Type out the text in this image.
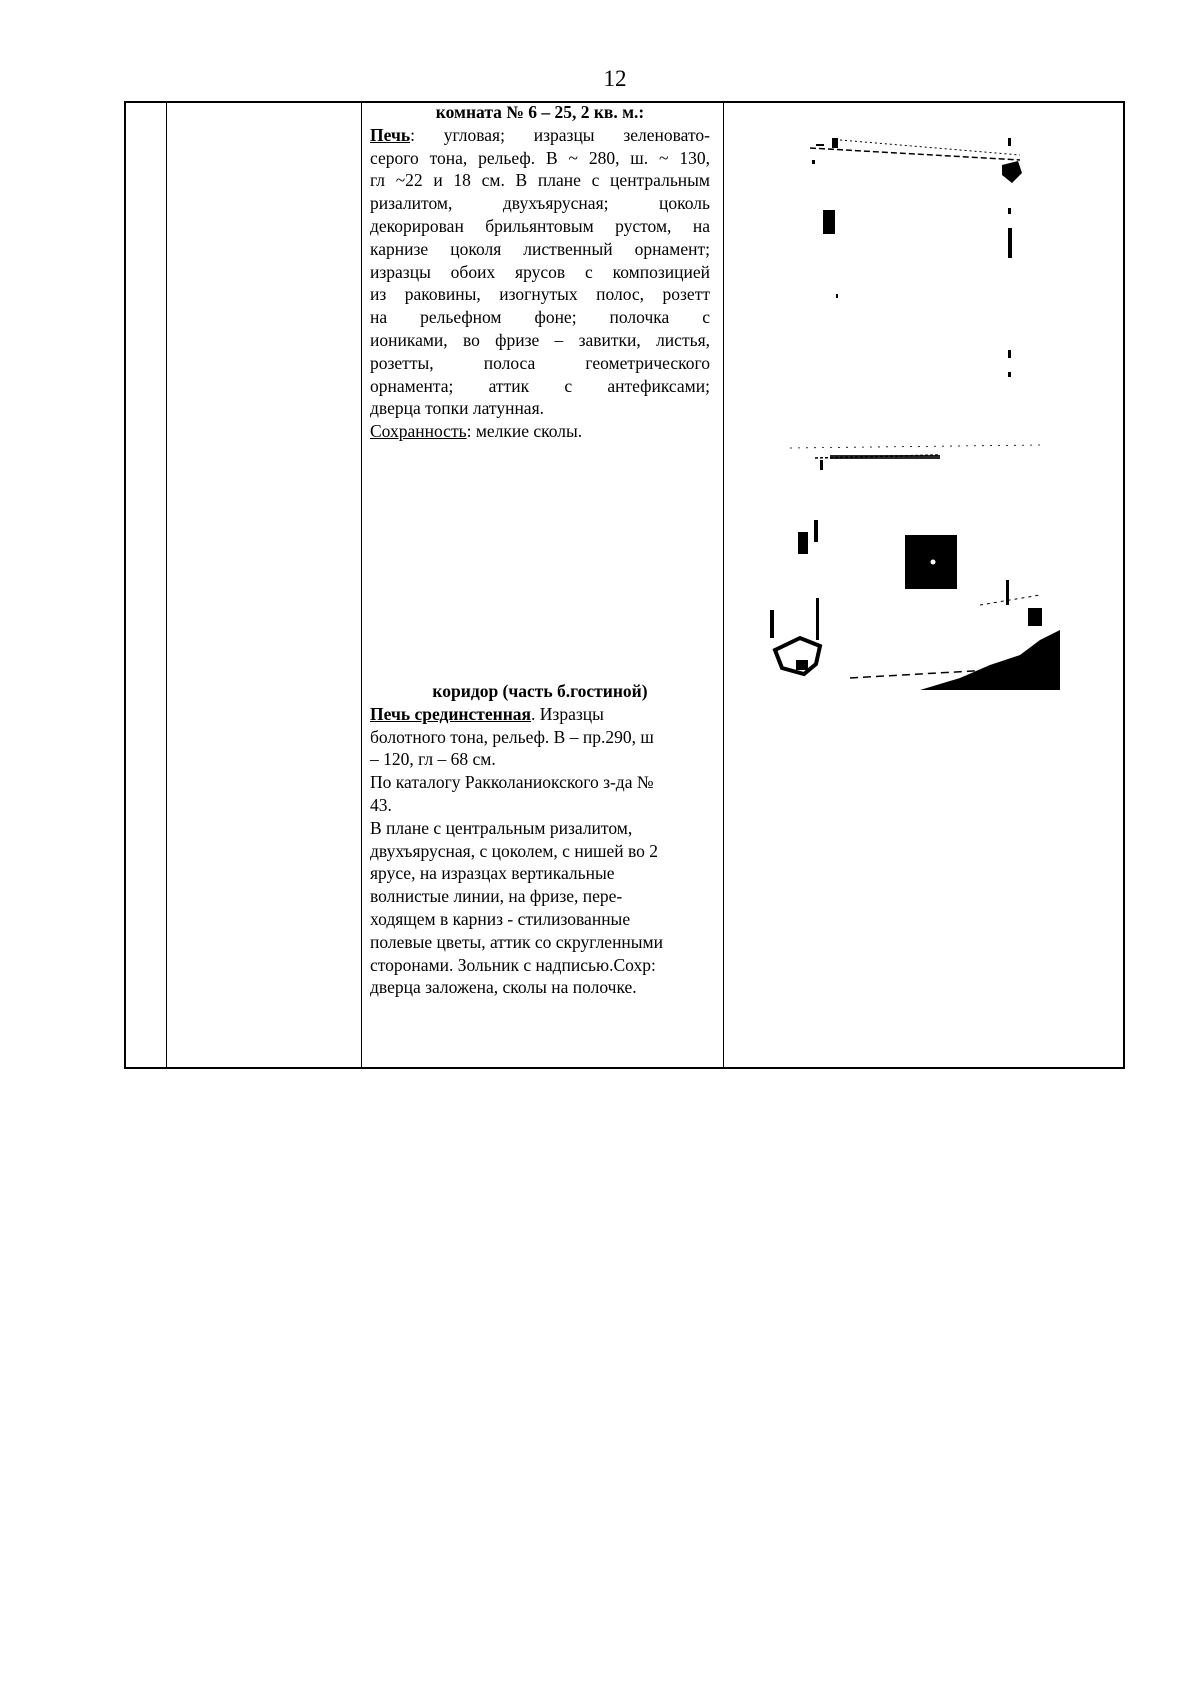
12

комната № 6 – 25, 2 кв. м.:

Печь: угловая; изразцы зеленовато-

серого тона, рельеф. В ~ 280, ш. ~ 130,

гл ~22 и 18 см. В плане с центральным

ризалитом, двухъярусная; цоколь

декорирован брильянтовым рустом, на

карнизе цоколя лиственный орнамент;

изразцы обоих ярусов с композицией

из раковины, изогнутых полос, розетт

на рельефном фоне; полочка с

иониками, во фризе – завитки, листья,

розетты, полоса геометрического

орнамента; аттик с антефиксами;

дверца топки латунная.

Сохранность: мелкие сколы.

коридор (часть б.гостиной)

Печь срединстенная. Изразцы

болотного тона, рельеф. В – пр.290, ш

– 120, гл – 68 см.

По каталогу Ракколаниокского з-да №

43.

В плане с центральным ризалитом,

двухъярусная, с цоколем, с нишей во 2

ярусе, на изразцах вертикальные

волнистые линии, на фризе, пере-

ходящем в карниз - стилизованные

полевые цветы, аттик со скругленными

сторонами. Зольник с надписью.Сохр:

дверца заложена, сколы на полочке.
